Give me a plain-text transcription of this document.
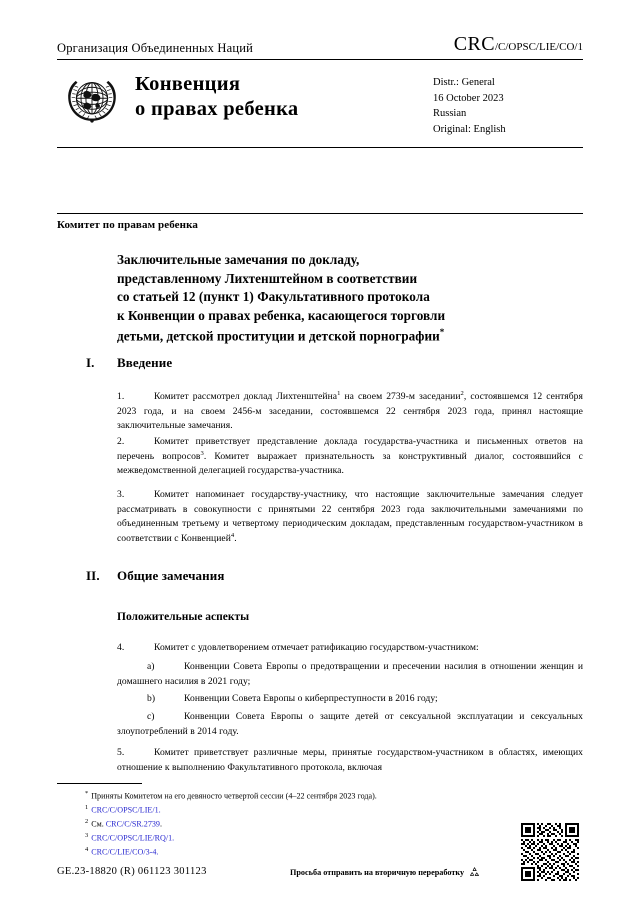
Организация Объединенных Наций	CRC /C/OPSC/LIE/CO/1
Конвенция
о правах ребенка
Distr.: General
16 October 2023
Russian
Original: English
Комитет по правам ребенка
Заключительные замечания по докладу,
представленному Лихтенштейном в соответствии
со статьей 12 (пункт 1) Факультативного протокола
к Конвенции о правах ребенка, касающегося торговли
детьми, детской проституции и детской порнографии*
I. Введение
1.	Комитет рассмотрел доклад Лихтенштейна$^1$ на своем 2739-м заседании$^2$, состоявшемся 12 сентября 2023 года, и на своем 2456-м заседании, состоявшемся 22 сентября 2023 года, принял настоящие заключительные замечания.
2.	Комитет приветствует представление доклада государства-участника и письменных ответов на перечень вопросов$^3$. Комитет выражает признательность за конструктивный диалог, состоявшийся с межведомственной делегацией государства-участника.
3.	Комитет напоминает государству-участнику, что настоящие заключительные замечания следует рассматривать в совокупности с принятыми 22 сентября 2023 года заключительными замечаниями по объединенным третьему и четвертому периодическим докладам, представленным государством-участником в соответствии с Конвенцией$^4$.
II. Общие замечания
Положительные аспекты
4.	Комитет с удовлетворением отмечает ратификацию государством-участником:
a)	Конвенции Совета Европы о предотвращении и пресечении насилия в отношении женщин и домашнего насилия в 2021 году;
b)	Конвенции Совета Европы о киберпреступности в 2016 году;
c)	Конвенции Совета Европы о защите детей от сексуальной эксплуатации и сексуальных злоупотреблений в 2014 году.
5.	Комитет приветствует различные меры, принятые государством-участником в областях, имеющих отношение к выполнению Факультативного протокола, включая
* Приняты Комитетом на его девяносто четвертой сессии (4–22 сентября 2023 года).
$^1$ CRC/C/OPSC/LIE/1.
$^2$ См. CRC/C/SR.2739.
$^3$ CRC/C/OPSC/LIE/RQ/1.
$^4$ CRC/C/LIE/CO/3-4.
GE.23-18820 (R) 061123 301123	Просьба отправить на вторичную переработку
